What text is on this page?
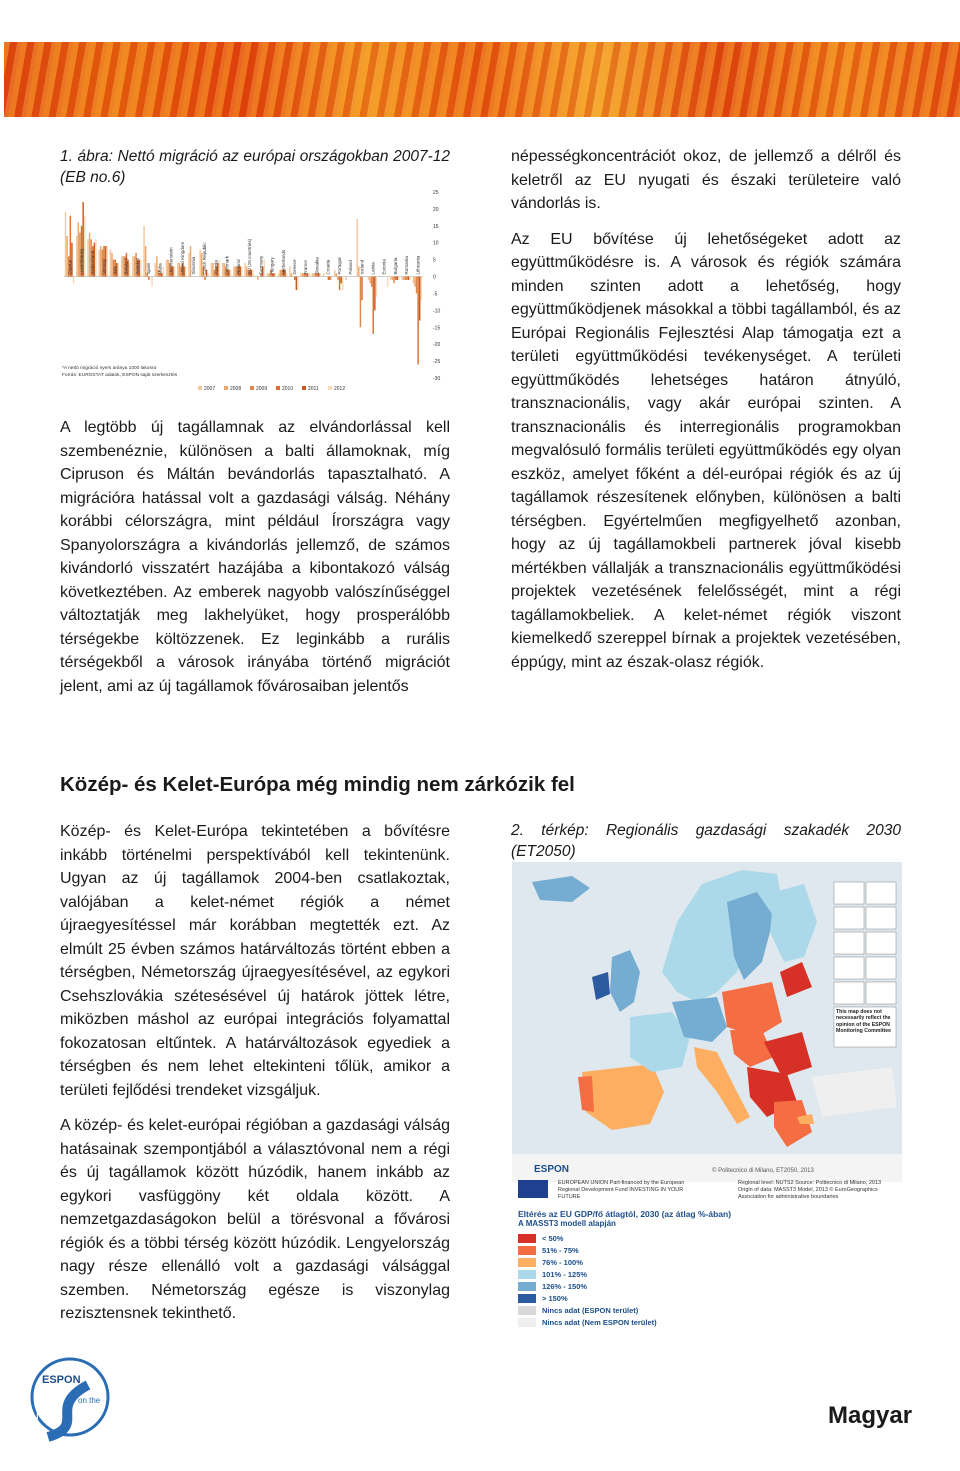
1. ábra: Nettó migráció az európai országokban 2007-12 (EB no.6)
*A nettó migráció nyers aránya 1000 lakosra
Forrás: EUROSTAT adatok, ESPON saját szerkesztés
Cyprus Luxembourg Switzerland Norway Italy Belgium Sweden Spain Malta Liechtenstein United Kingdom Slovenia Czech Republic Austria Denmark Finland EU (28 countries) Germany Hungary Netherlands Greece France Slovakia Croatia Portugal Poland Iceland Latvia Estonia Bulgaria Romania Lithuania
25
20
15
10
5
0
-5
-10
-15
-20
-25
-30
2007	2008	2009	2010	2011	2012

népességkoncentrációt okoz, de jellemző a délről és keletről az EU nyugati és északi területeire való vándorlás is.

Az EU bővítése új lehetőségeket adott az együttműködésre is. A városok és régiók számára minden szinten adott a lehetőség, hogy együttműködjenek másokkal a többi tagállamból, és az Európai Regionális Fejlesztési Alap támogatja ezt a területi együttműködési tevékenységet. A területi együttműködés lehetséges határon átnyúló, transznacionális, vagy akár európai szinten. A transznacionális és interregionális programokban megvalósuló formális területi együttműködés egy olyan eszköz, amelyet főként a dél-európai régiók és az új tagállamok részesítenek előnyben, különösen a balti térségben. Egyértelműen megfigyelhető azonban, hogy az új tagállamokbeli partnerek jóval kisebb mértékben vállalják a transznacionális együttműködési projektek vezetésének felelősségét, mint a régi tagállamokbeliek. A kelet-német régiók viszont kiemelkedő szereppel bírnak a projektek vezetésében, éppúgy, mint az észak-olasz régiók.

A legtöbb új tagállamnak az elvándorlással kell szembenéznie, különösen a balti államoknak, míg Cipruson és Máltán bevándorlás tapasztalható. A migrációra hatással volt a gazdasági válság. Néhány korábbi célországra, mint például Írországra vagy Spanyolországra a kivándorlás jellemző, de számos kivándorló visszatért hazájába a kibontakozó válság következtében. Az emberek nagyobb valószínűséggel változtatják meg lakhelyüket, hogy prosperálóbb térségekbe költözzenek. Ez leginkább a rurális térségekből a városok irányába történő migrációt jelent, ami az új tagállamok fővárosaiban jelentős

Közép- és Kelet-Európa még mindig nem zárkózik fel

Közép- és Kelet-Európa tekintetében a bővítésre inkább történelmi perspektívából kell tekintenünk. Ugyan az új tagállamok 2004-ben csatlakoztak, valójában a kelet-német régiók a német újraegyesítéssel már korábban megtették ezt. Az elmúlt 25 évben számos határváltozás történt ebben a térségben, Németország újraegyesítésével, az egykori Csehszlovákia szétesésével új határok jöttek létre, miközben máshol az európai integrációs folyamattal fokozatosan eltűntek. A határváltozások egyediek a térségben és nem lehet eltekinteni tőlük, amikor a területi fejlődési trendeket vizsgáljuk.

A közép- és kelet-európai régióban a gazdasági válság hatásainak szempontjából a választóvonal nem a régi és új tagállamok között húzódik, hanem inkább az egykori vasfüggöny két oldala között. A nemzetgazdaságokon belül a törésvonal a fővárosi régiók és a többi térség között húzódik. Lengyelország nagy része ellenálló volt a gazdasági válsággal szemben. Németország egésze is viszonylag rezisztensnek tekinthető.

2. térkép: Regionális gazdasági szakadék 2030 (ET2050)
This map does not necessarily reflect the opinion of the ESPON Monitoring Committee
ESPON	© Politecnico di Milano, ET2050, 2013
EUROPEAN UNION Part-financed by the European Regional Development Fund INVESTING IN YOUR FUTURE
Regional level: NUTS2 Source: Politecnico di Milano, 2013 Origin of data: MASST3 Model, 2013 © EuroGeographics Association for administrative boundaries
Eltérés az EU GDP/fő átlagtól, 2030 (az átlag %-ában)
A MASST3 modell alapján
< 50%
51% - 75%
76% - 100%
101% - 125%
126% - 150%
> 150%
Nincs adat (ESPON terület)
Nincs adat (Nem ESPON terület)
ESPON
on the
road	Magyar
